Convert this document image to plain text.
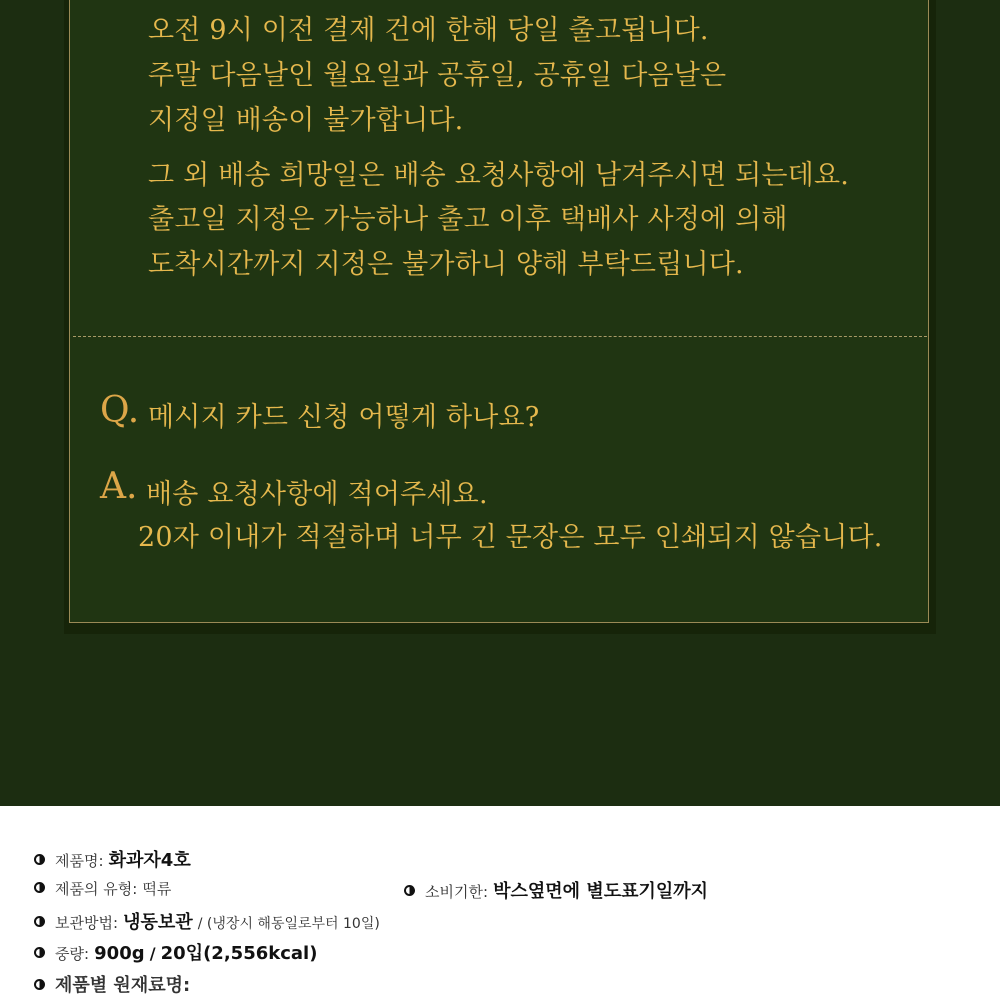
오전 9시 이전 결제 건에 한해 당일 출고됩니다.
주말 다음날인 월요일과 공휴일, 공휴일 다음날은
지정일 배송이 불가합니다.
그 외 배송 희망일은 배송 요청사항에 남겨주시면 되는데요.
출고일 지정은 가능하나 출고 이후 택배사 사정에 의해
도착시간까지 지정은 불가하니 양해 부탁드립니다.
Q. 메시지 카드 신청 어떻게 하나요?
A. 배송 요청사항에 적어주세요.
20자 이내가 적절하며 너무 긴 문장은 모두 인쇄되지 않습니다.
제품명: 화과자4호
제품의 유형: 떡류	소비기한: 박스옆면에 별도표기일까지
보관방법: 냉동보관 / (냉장시 해동일로부터 10일)
중량: 900g / 20입(2,556kcal)
제품별 원재료명:
